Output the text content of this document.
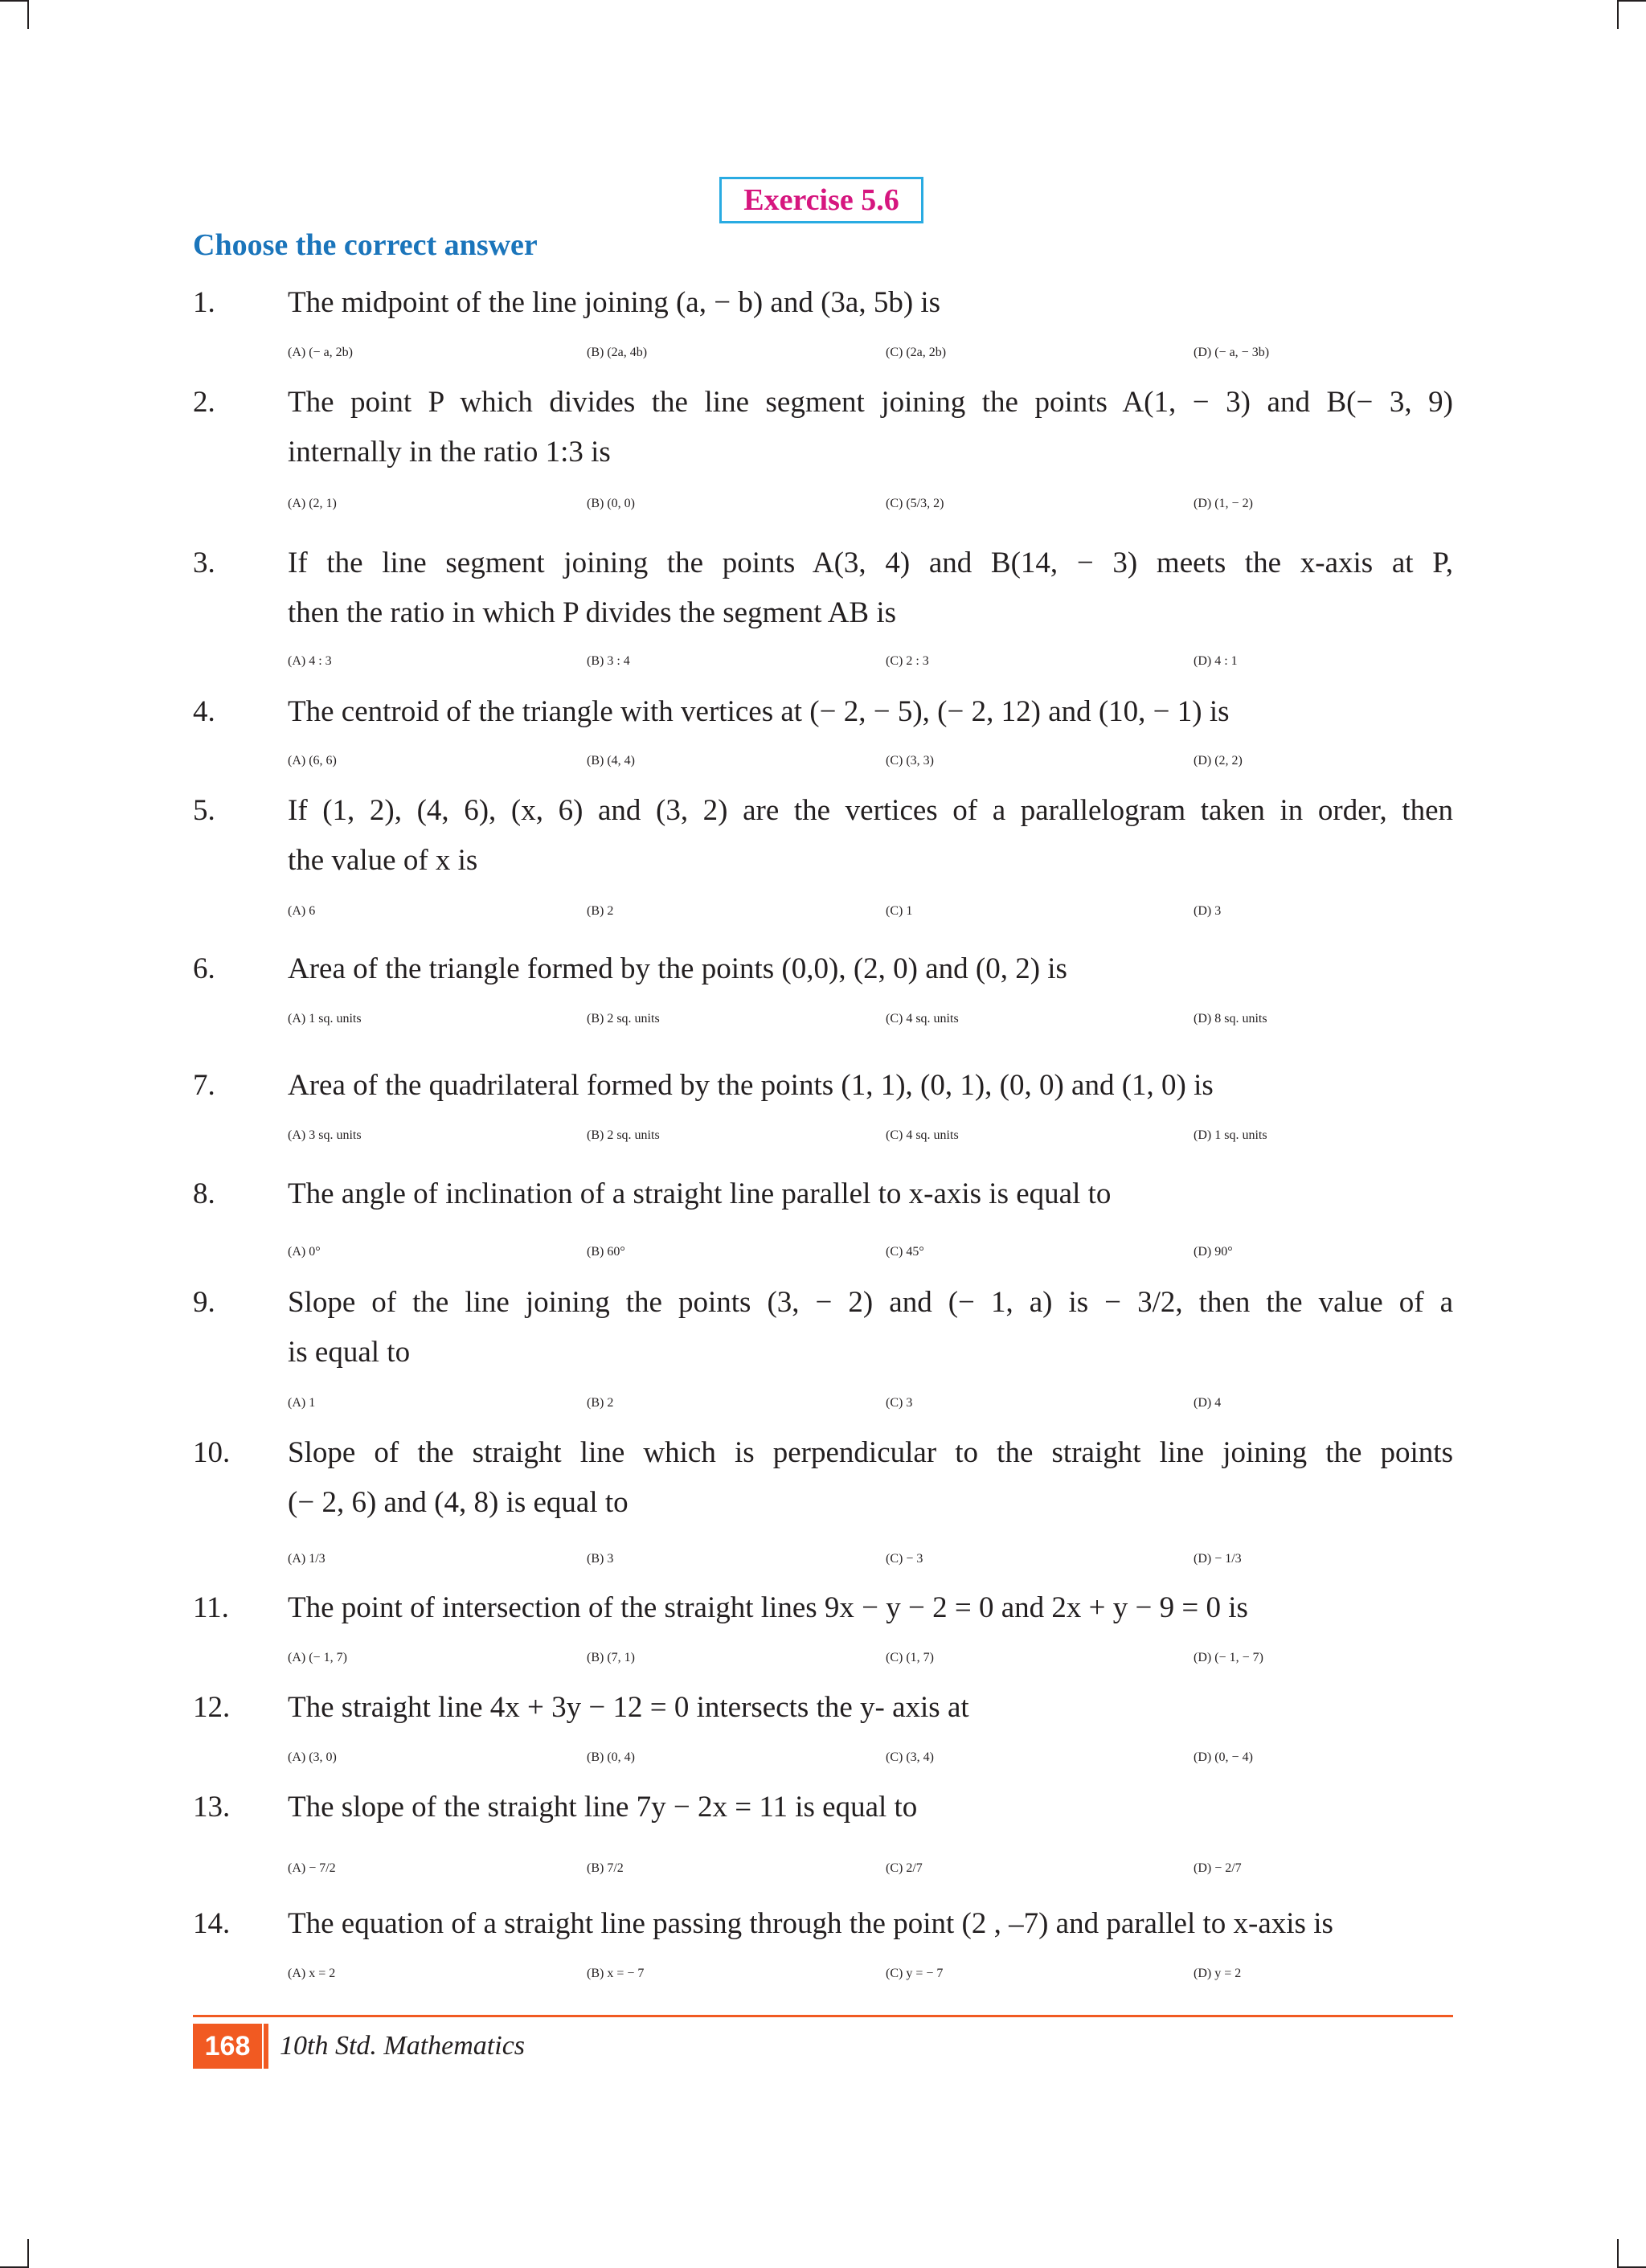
Exercise 5.6
Choose the correct answer
1. The midpoint of the line joining (a, − b) and (3a, 5b) is
(A) (− a, 2b)	(B) (2a, 4b)	(C) (2a, 2b)	(D) (− a, − 3b)
2. The point P which divides the line segment joining the points A(1, − 3) and B(− 3, 9)
internally in the ratio 1:3 is
(A) (2, 1)	(B) (0, 0)	(C) (5/3, 2)	(D) (1, − 2)
3. If the line segment joining the points A(3, 4) and B(14, − 3) meets the x-axis at P,
then the ratio in which P divides the segment AB is
(A) 4 : 3	(B) 3 : 4	(C) 2 : 3	(D) 4 : 1
4. The centroid of the triangle with vertices at (− 2, − 5), (− 2, 12) and (10, − 1) is
(A) (6, 6)	(B) (4, 4)	(C) (3, 3)	(D) (2, 2)
5. If (1, 2), (4, 6), (x, 6) and (3, 2) are the vertices of a parallelogram taken in order, then
the value of x is
(A) 6	(B) 2	(C) 1	(D) 3
6. Area of the triangle formed by the points (0,0), (2, 0) and (0, 2) is
(A) 1 sq. units	(B) 2 sq. units	(C) 4 sq. units	(D) 8 sq. units
7. Area of the quadrilateral formed by the points (1, 1), (0, 1), (0, 0) and (1, 0) is
(A) 3 sq. units	(B) 2 sq. units	(C) 4 sq. units	(D) 1 sq. units
8. The angle of inclination of a straight line parallel to x-axis is equal to
(A) 0°	(B) 60°	(C) 45°	(D) 90°
9. Slope of the line joining the points (3, − 2) and (− 1, a) is − 3/2, then the value of a
is equal to
(A) 1	(B) 2	(C) 3	(D) 4
10. Slope of the straight line which is perpendicular to the straight line joining the points
(− 2, 6) and (4, 8) is equal to
(A) 1/3	(B) 3	(C) − 3	(D) − 1/3
11. The point of intersection of the straight lines 9x − y − 2 = 0 and 2x + y − 9 = 0 is
(A) (− 1, 7)	(B) (7, 1)	(C) (1, 7)	(D) (− 1, − 7)
12. The straight line 4x + 3y − 12 = 0 intersects the y- axis at
(A) (3, 0)	(B) (0, 4)	(C) (3, 4)	(D) (0, − 4)
13. The slope of the straight line 7y − 2x = 11 is equal to
(A) − 7/2	(B) 7/2	(C) 2/7	(D) − 2/7
14. The equation of a straight line passing through the point (2 , –7) and parallel to x-axis is
(A) x = 2	(B) x = − 7	(C) y = − 7	(D) y = 2
168	10th Std. Mathematics
